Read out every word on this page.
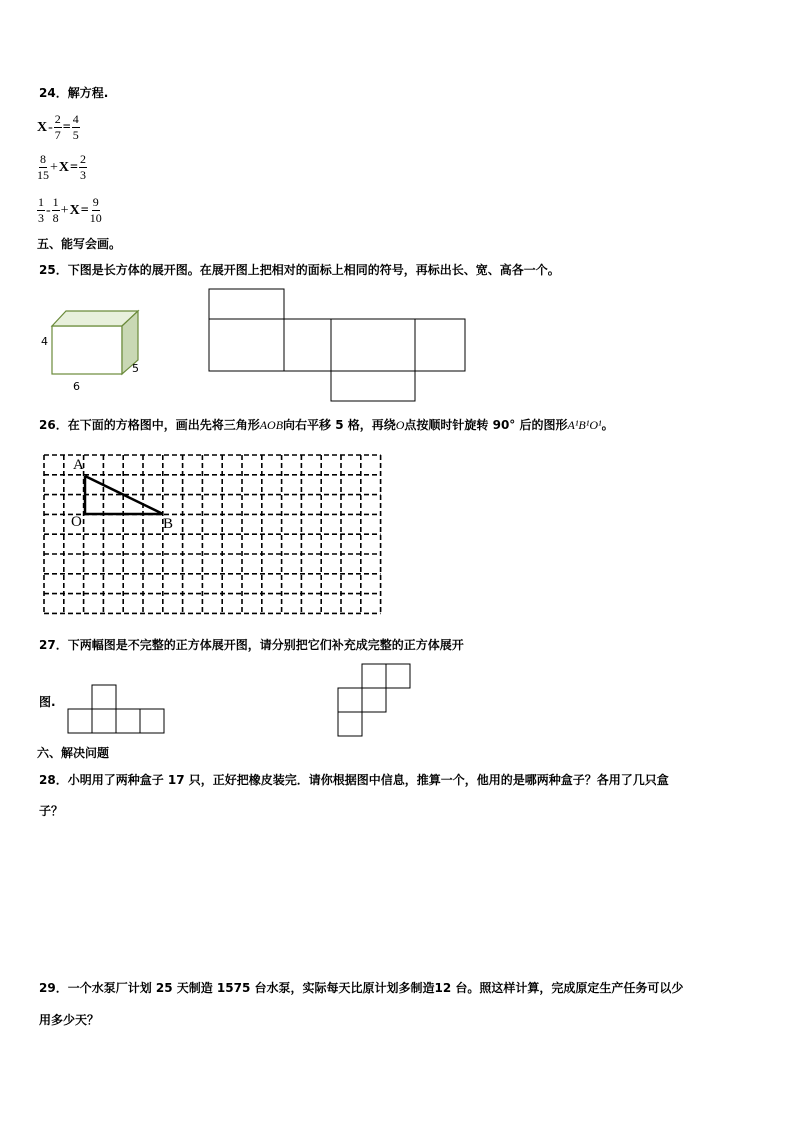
24．解方程.
$X - \frac{2}{7} = \frac{4}{5}$
$\frac{8}{15} + X = \frac{2}{3}$
$\frac{1}{3} - \frac{1}{8} + X = \frac{9}{10}$
五、能写会画。
25．下图是长方体的展开图。在展开图上把相对的面标上相同的符号，再标出长、宽、高各一个。
4
6
5
26．在下面的方格图中，画出先将三角形AOB向右平移 5 格，再绕O点按顺时针旋转 90° 后的图形A¹B¹O¹。
A
O	B
27．下两幅图是不完整的正方体展开图，请分别把它们补充成完整的正方体展开
图.
六、解决问题
28．小明用了两种盒子 17 只，正好把橡皮装完．请你根据图中信息，推算一个，他用的是哪两种盒子？各用了几只盒
子？
29．一个水泵厂计划 25 天制造 1575 台水泵，实际每天比原计划多制造12 台。照这样计算，完成原定生产任务可以少
用多少天？
